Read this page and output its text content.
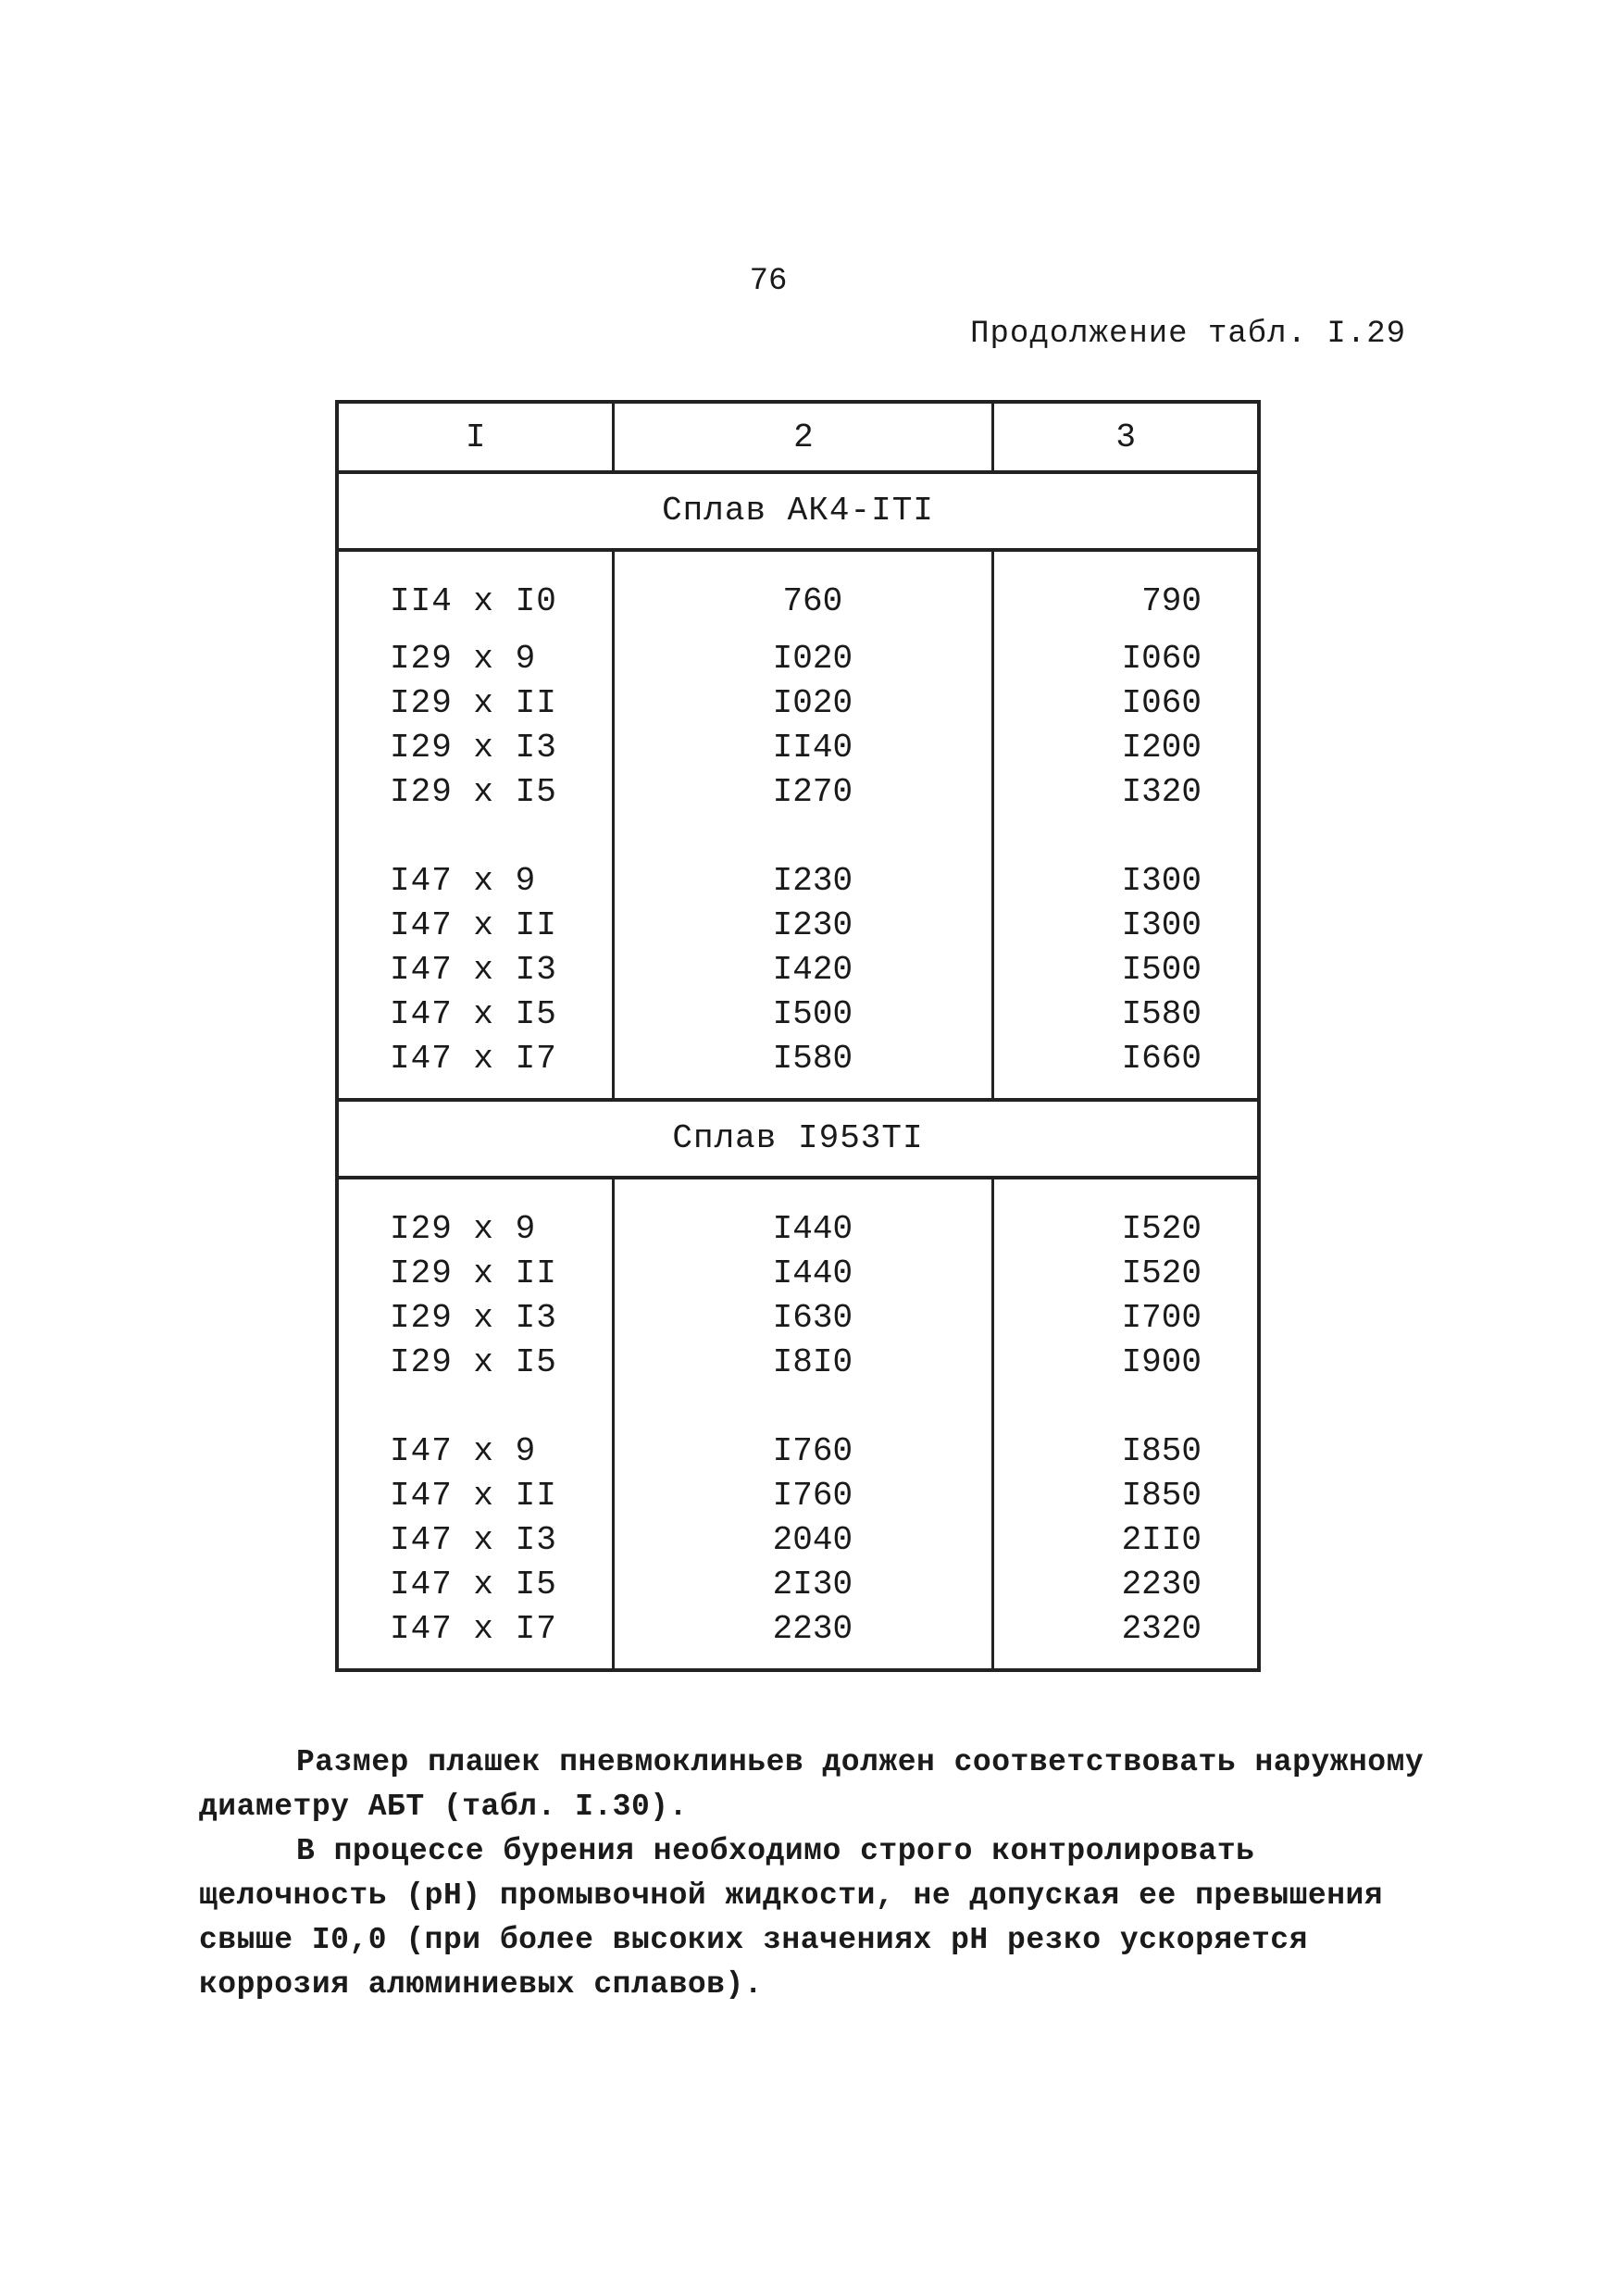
76
Продолжение табл. I.29
I	2	3
Сплав АК4-IТI		

II4 x I0	760	790

I29 x 9	I020	I060
I29 x II	I020	I060
I29 x I3	II40	I200
I29 x I5	I270	I320

I47 x 9	I230	I300
I47 x II	I230	I300
I47 x I3	I420	I500
I47 x I5	I500	I580
I47 x I7	I580	I660
Сплав I953ТI		

I29 x 9	I440	I520
I29 x II	I440	I520
I29 x I3	I630	I700
I29 x I5	I8I0	I900

I47 x 9	I760	I850
I47 x II	I760	I850
I47 x I3	2040	2II0
I47 x I5	2I30	2230
I47 x I7	2230	2320

Размер плашек пневмоклиньев должен соответствовать наружному диаметру АБТ (табл. I.30).

В процессе бурения необходимо строго контролировать щелочность (pH) промывочной жидкости, не допуская ее превышения свыше I0,0 (при более высоких значениях pH резко ускоряется коррозия алюминиевых сплавов).
